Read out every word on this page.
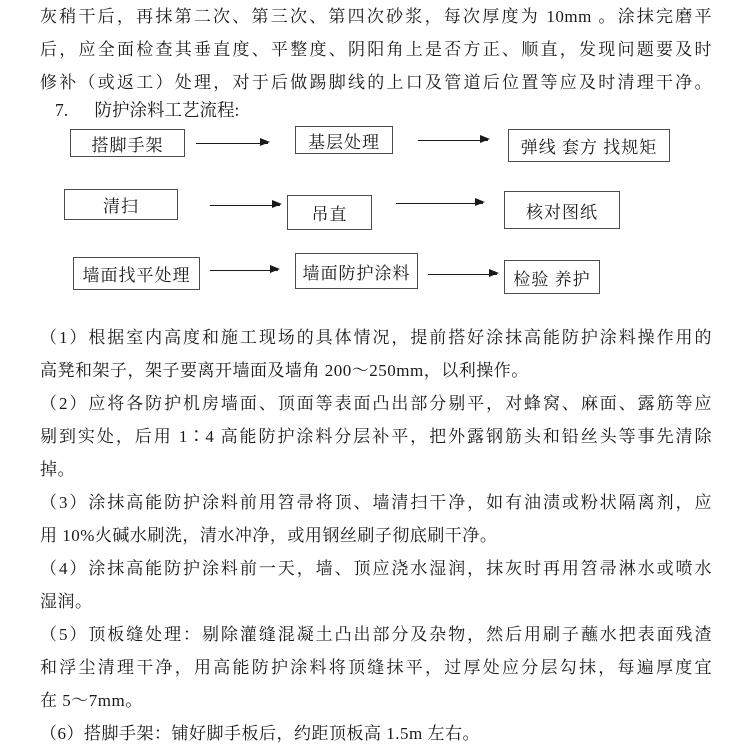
灰稍干后，再抹第二次、第三次、第四次砂浆，每次厚度为 10mm 。涂抹完磨平
后，应全面检查其垂直度、平整度、阴阳角上是否方正、顺直，发现问题要及时
修补（或返工）处理，对于后做踢脚线的上口及管道后位置等应及时清理干净。
7. 防护涂料工艺流程:
搭脚手架	基层处理	弹线 套方 找规矩
清扫	吊直	核对图纸
墙面找平处理	墙面防护涂料	检验 养护
（1）根据室内高度和施工现场的具体情况，提前搭好涂抹高能防护涂料操作用的
高凳和架子，架子要离开墙面及墙角 200～250mm，以利操作。
（2）应将各防护机房墙面、顶面等表面凸出部分剔平，对蜂窝、麻面、露筋等应
剔到实处，后用 1∶4 高能防护涂料分层补平，把外露钢筋头和铅丝头等事先清除
掉。
（3）涂抹高能防护涂料前用笤帚将顶、墙清扫干净，如有油渍或粉状隔离剂，应
用 10%火碱水刷洗，清水冲净，或用钢丝刷子彻底刷干净。
（4）涂抹高能防护涂料前一天，墙、顶应浇水湿润，抹灰时再用笤帚淋水或喷水
湿润。
（5）顶板缝处理：剔除灌缝混凝土凸出部分及杂物，然后用刷子蘸水把表面残渣
和浮尘清理干净，用高能防护涂料将顶缝抹平，过厚处应分层勾抹，每遍厚度宜
在 5～7mm。
（6）搭脚手架：铺好脚手板后，约距顶板高 1.5m 左右。
